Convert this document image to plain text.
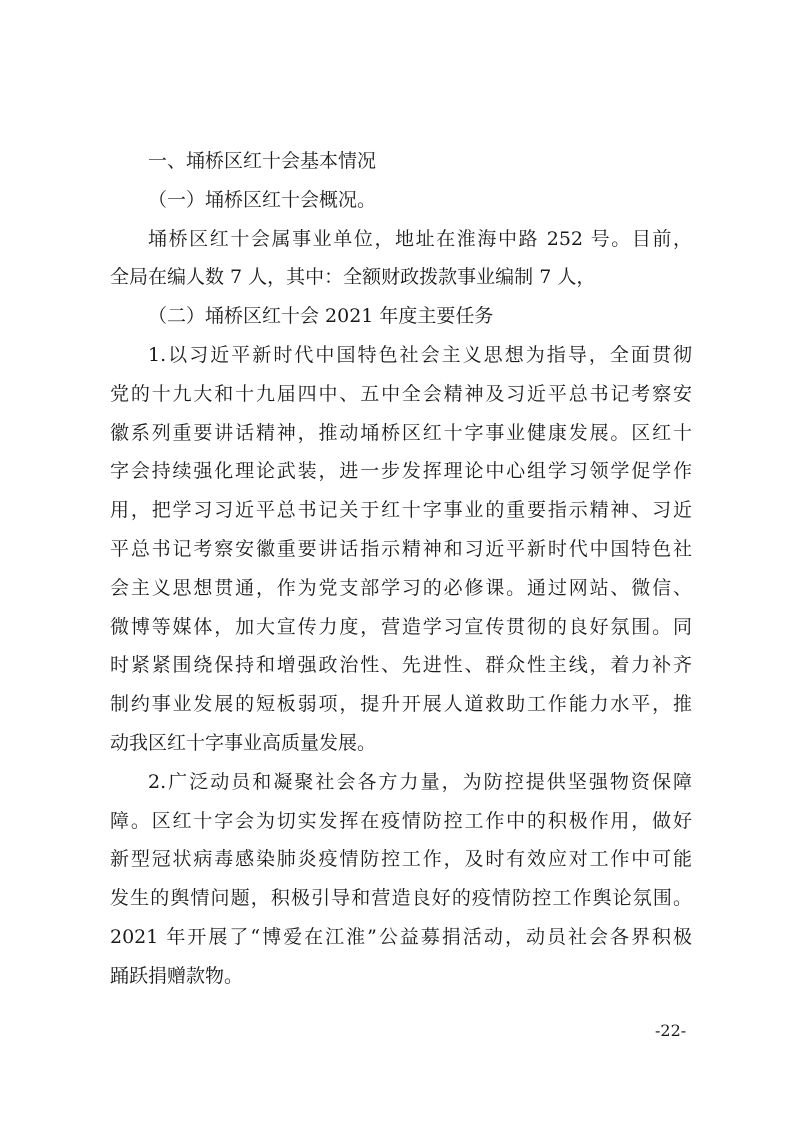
一、埇桥区红十会基本情况
（一）埇桥区红十会概况。
埇桥区红十会属事业单位，地址在淮海中路 252 号。目前，
全局在编人数 7 人，其中：全额财政拨款事业编制 7 人，
（二）埇桥区红十会 2021 年度主要任务
1.以习近平新时代中国特色社会主义思想为指导，全面贯彻
党的十九大和十九届四中、五中全会精神及习近平总书记考察安
徽系列重要讲话精神，推动埇桥区红十字事业健康发展。区红十
字会持续强化理论武装，进一步发挥理论中心组学习领学促学作
用，把学习习近平总书记关于红十字事业的重要指示精神、习近
平总书记考察安徽重要讲话指示精神和习近平新时代中国特色社
会主义思想贯通，作为党支部学习的必修课。通过网站、微信、
微博等媒体，加大宣传力度，营造学习宣传贯彻的良好氛围。同
时紧紧围绕保持和增强政治性、先进性、群众性主线，着力补齐
制约事业发展的短板弱项，提升开展人道救助工作能力水平，推
动我区红十字事业高质量发展。
2.广泛动员和凝聚社会各方力量，为防控提供坚强物资保障
障。区红十字会为切实发挥在疫情防控工作中的积极作用，做好
新型冠状病毒感染肺炎疫情防控工作，及时有效应对工作中可能
发生的舆情问题，积极引导和营造良好的疫情防控工作舆论氛围。
2021 年开展了“博爱在江淮”公益募捐活动，动员社会各界积极
踊跃捐赠款物。
-22-
